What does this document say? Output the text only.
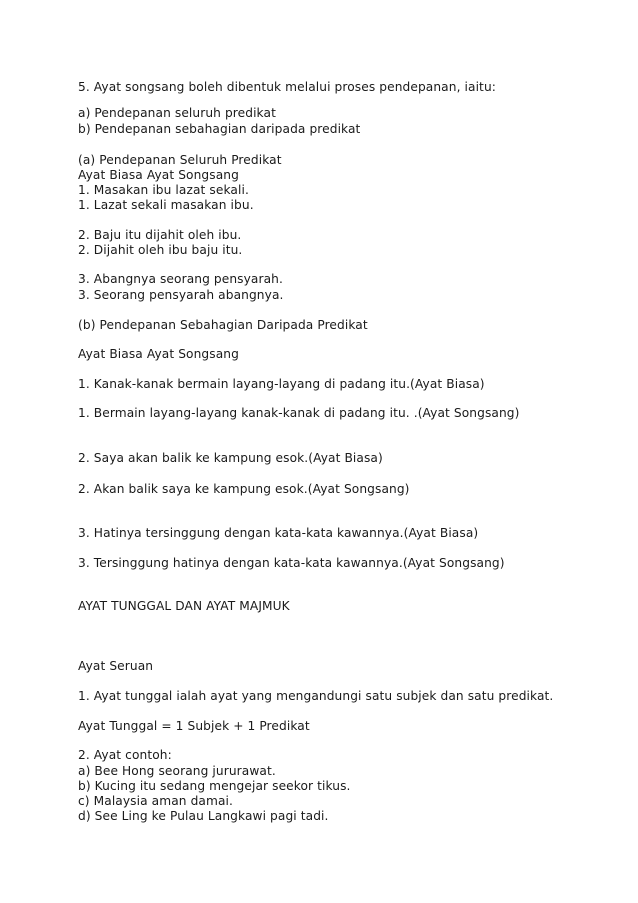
5. Ayat songsang boleh dibentuk melalui proses pendepanan, iaitu:
a) Pendepanan seluruh predikat
b) Pendepanan sebahagian daripada predikat
(a) Pendepanan Seluruh Predikat
Ayat Biasa Ayat Songsang
1. Masakan ibu lazat sekali.
1. Lazat sekali masakan ibu.
2. Baju itu dijahit oleh ibu.
2. Dijahit oleh ibu baju itu.
3. Abangnya seorang pensyarah.
3. Seorang pensyarah abangnya.
(b) Pendepanan Sebahagian Daripada Predikat
Ayat Biasa Ayat Songsang
1. Kanak-kanak bermain layang-layang di padang itu.(Ayat Biasa)
1. Bermain layang-layang kanak-kanak di padang itu. .(Ayat Songsang)
2. Saya akan balik ke kampung esok.(Ayat Biasa)
2. Akan balik saya ke kampung esok.(Ayat Songsang)
3. Hatinya tersinggung dengan kata-kata kawannya.(Ayat Biasa)
3. Tersinggung hatinya dengan kata-kata kawannya.(Ayat Songsang)
AYAT TUNGGAL DAN AYAT MAJMUK
Ayat Seruan
1. Ayat tunggal ialah ayat yang mengandungi satu subjek dan satu predikat.
Ayat Tunggal = 1 Subjek + 1 Predikat
2. Ayat contoh:
a) Bee Hong seorang jururawat.
b) Kucing itu sedang mengejar seekor tikus.
c) Malaysia aman damai.
d) See Ling ke Pulau Langkawi pagi tadi.
